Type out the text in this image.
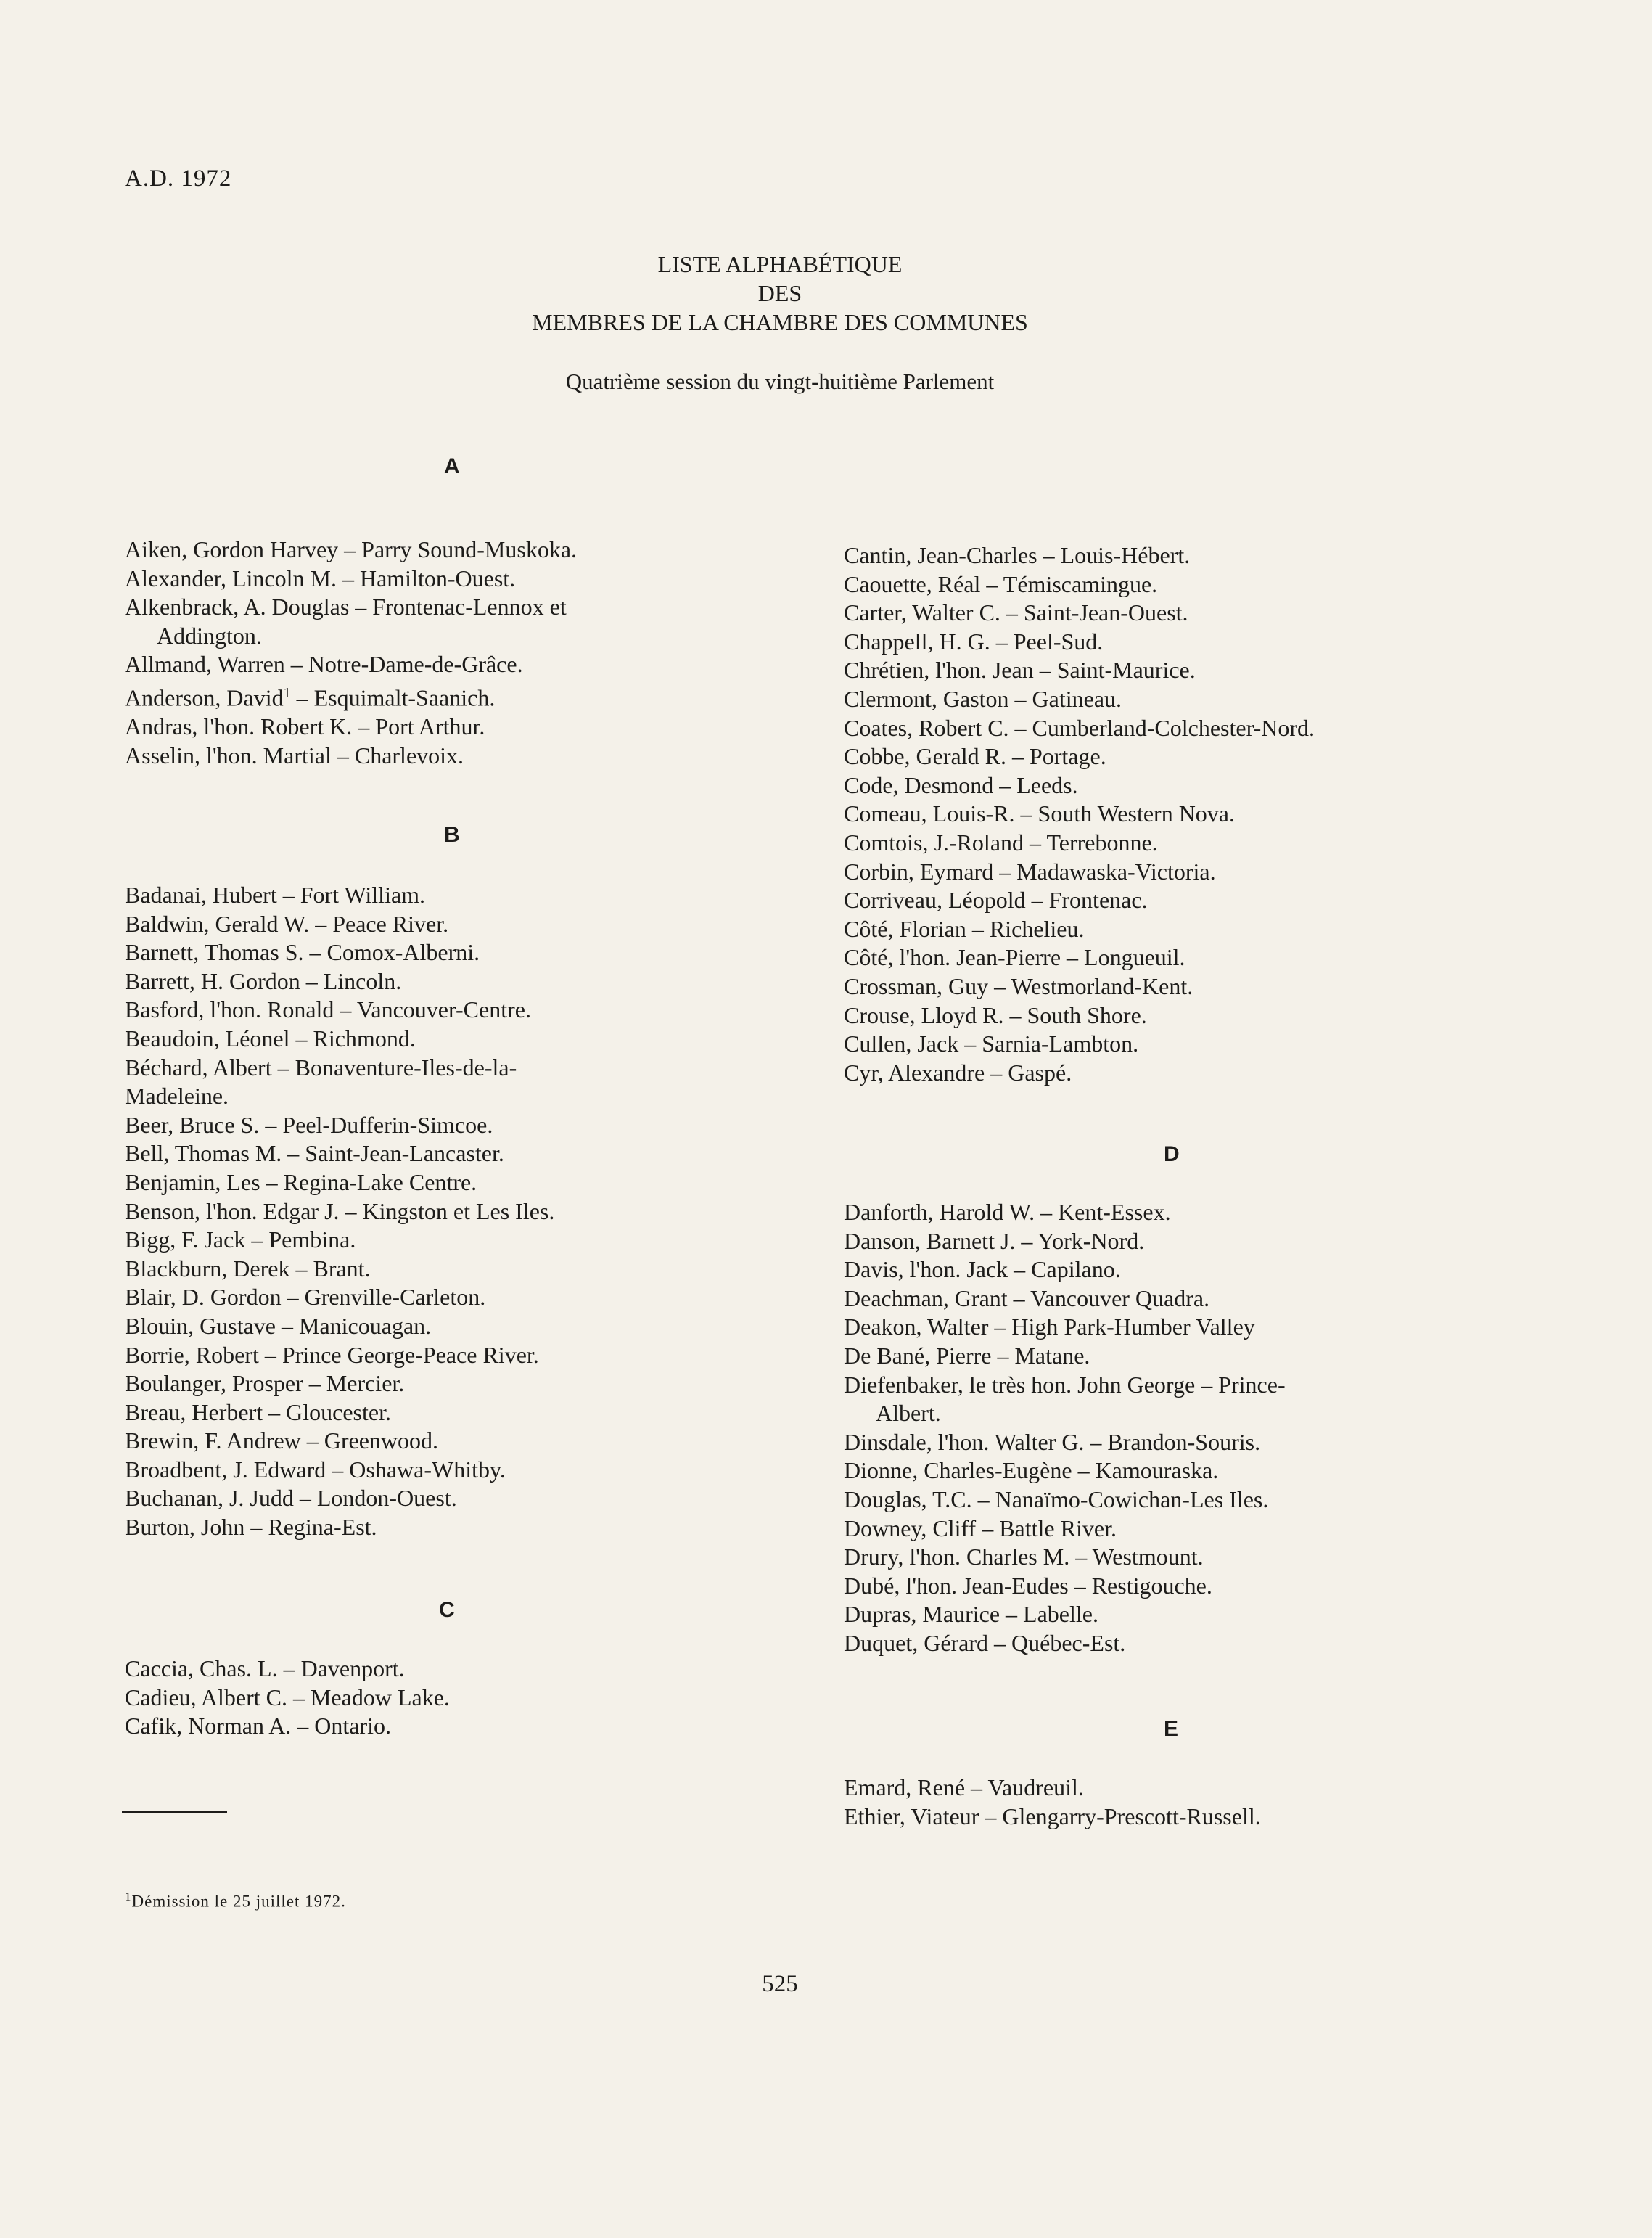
A.D. 1972
LISTE ALPHABÉTIQUE
DES
MEMBRES DE LA CHAMBRE DES COMMUNES
Quatrième session du vingt-huitième Parlement
A
Aiken, Gordon Harvey – Parry Sound-Muskoka.
Alexander, Lincoln M. – Hamilton-Ouest.
Alkenbrack, A. Douglas – Frontenac-Lennox et
Addington.
Allmand, Warren – Notre-Dame-de-Grâce.
Anderson, David$^1$ – Esquimalt-Saanich.
Andras, l'hon. Robert K. – Port Arthur.
Asselin, l'hon. Martial – Charlevoix.
B
Badanai, Hubert – Fort William.
Baldwin, Gerald W. – Peace River.
Barnett, Thomas S. – Comox-Alberni.
Barrett, H. Gordon – Lincoln.
Basford, l'hon. Ronald – Vancouver-Centre.
Beaudoin, Léonel – Richmond.
Béchard, Albert – Bonaventure-Iles-de-la-
Madeleine.
Beer, Bruce S. – Peel-Dufferin-Simcoe.
Bell, Thomas M. – Saint-Jean-Lancaster.
Benjamin, Les – Regina-Lake Centre.
Benson, l'hon. Edgar J. – Kingston et Les Iles.
Bigg, F. Jack – Pembina.
Blackburn, Derek – Brant.
Blair, D. Gordon – Grenville-Carleton.
Blouin, Gustave – Manicouagan.
Borrie, Robert – Prince George-Peace River.
Boulanger, Prosper – Mercier.
Breau, Herbert – Gloucester.
Brewin, F. Andrew – Greenwood.
Broadbent, J. Edward – Oshawa-Whitby.
Buchanan, J. Judd – London-Ouest.
Burton, John – Regina-Est.
C
Caccia, Chas. L. – Davenport.
Cadieu, Albert C. – Meadow Lake.
Cafik, Norman A. – Ontario.
$^1$Démission le 25 juillet 1972.
Cantin, Jean-Charles – Louis-Hébert.
Caouette, Réal – Témiscamingue.
Carter, Walter C. – Saint-Jean-Ouest.
Chappell, H. G. – Peel-Sud.
Chrétien, l'hon. Jean – Saint-Maurice.
Clermont, Gaston – Gatineau.
Coates, Robert C. – Cumberland-Colchester-Nord.
Cobbe, Gerald R. – Portage.
Code, Desmond – Leeds.
Comeau, Louis-R. – South Western Nova.
Comtois, J.-Roland – Terrebonne.
Corbin, Eymard – Madawaska-Victoria.
Corriveau, Léopold – Frontenac.
Côté, Florian – Richelieu.
Côté, l'hon. Jean-Pierre – Longueuil.
Crossman, Guy – Westmorland-Kent.
Crouse, Lloyd R. – South Shore.
Cullen, Jack – Sarnia-Lambton.
Cyr, Alexandre – Gaspé.
D
Danforth, Harold W. – Kent-Essex.
Danson, Barnett J. – York-Nord.
Davis, l'hon. Jack – Capilano.
Deachman, Grant – Vancouver Quadra.
Deakon, Walter – High Park-Humber Valley
De Bané, Pierre – Matane.
Diefenbaker, le très hon. John George – Prince-
Albert.
Dinsdale, l'hon. Walter G. – Brandon-Souris.
Dionne, Charles-Eugène – Kamouraska.
Douglas, T.C. – Nanaïmo-Cowichan-Les Iles.
Downey, Cliff – Battle River.
Drury, l'hon. Charles M. – Westmount.
Dubé, l'hon. Jean-Eudes – Restigouche.
Dupras, Maurice – Labelle.
Duquet, Gérard – Québec-Est.
E
Emard, René – Vaudreuil.
Ethier, Viateur – Glengarry-Prescott-Russell.
525
